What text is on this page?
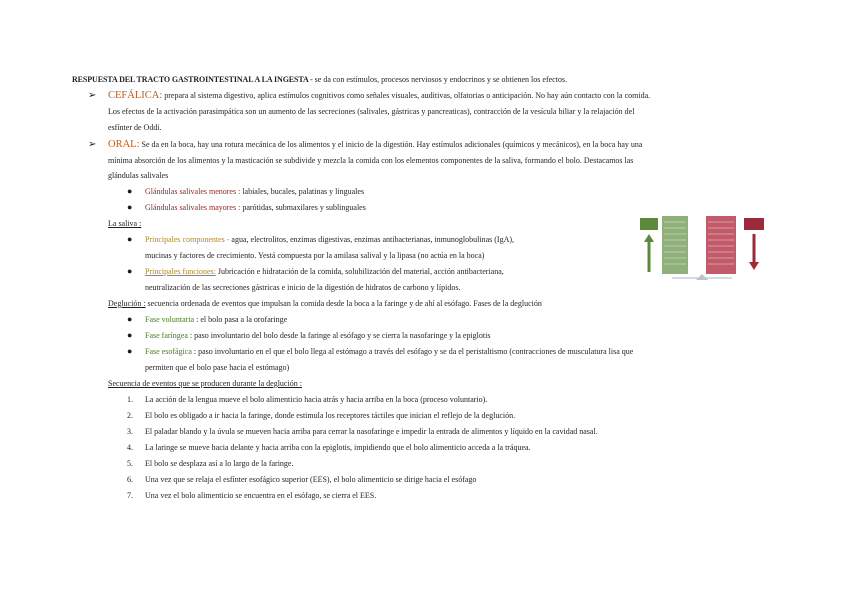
RESPUESTA DEL TRACTO GASTROINTESTINAL A LA INGESTA - se da con estímulos, procesos nerviosos y endocrinos y se obtienen los efectos.
➢ CEFÁLICA: prepara al sistema digestivo, aplica estímulos cognitivos como señales visuales, auditivas, olfatorias o anticipación. No hay aún contacto con la comida.
Los efectos de la activación parasimpática son un aumento de las secreciones (salivales, gástricas y pancreaticas), contracción de la vesícula biliar y la relajación del
esfínter de Oddi.
➢ ORAL: Se da en la boca, hay una rotura mecánica de los alimentos y el inicio de la digestión. Hay estímulos adicionales (químicos y mecánicos), en la boca hay una
mínima absorción de los alimentos y la masticación se subdivide y mezcla la comida con los elementos componentes de la saliva, formando el bolo. Destacamos las
glándulas salivales
● Glándulas salivales menores : labiales, bucales, palatinas y linguales
● Glándulas salivales mayores : parótidas, submaxilares y sublinguales
La saliva :
● Principales componentes - agua, electrolitos, enzimas digestivas, enzimas antibacterianas, inmunoglobulinas (IgA),
mucinas y factores de crecimiento. Yestá compuesta por la amilasa salival y la lipasa (no actúa en la boca)
● Principales funciones: Jubricación e hidratación de la comida, solubilización del material, acción antibacteriana,
neutralización de las secreciones gástricas e inicio de la digestión de hidratos de carbono y lípidos.
Deglución : secuencia ordenada de eventos que impulsan la comida desde la boca a la faringe y de ahí al esófago. Fases de la deglución
● Fase voluntaria : el bolo pasa a la orofaringe
● Fase faríngea : paso involuntario del bolo desde la faringe al esófago y se cierra la nasofaringe y la epiglotis
● Fase esofágica : paso involuntario en el que el bolo llega al estómago a través del esófago y se da el peristaltismo (contracciones de musculatura lisa que
permiten que el bolo pase hacia el estómago)
Secuencia de eventos que se producen durante la deglución :
1.	La acción de la lengua mueve el bolo alimenticio hacia atrás y hacia arriba en la boca (proceso voluntario).
2.	El bolo es obligado a ir hacia la faringe, donde estimula los receptores táctiles que inician el reflejo de la deglución.
3.	El paladar blando y la úvula se mueven hacia arriba para cerrar la nasofaringe e impedir la entrada de alimentos y líquido en la cavidad nasal.
4.	La laringe se mueve hacia delante y hacia arriba con la epiglotis, impidiendo que el bolo alimenticio acceda a la tráquea.
5.	El bolo se desplaza así a lo largo de la faringe.
6.	Una vez que se relaja el esfínter esofágico superior (EES), el bolo alimenticio se dirige hacia el esófago
7.	Una vez el bolo alimenticio se encuentra en el esófago, se cierra el EES.
